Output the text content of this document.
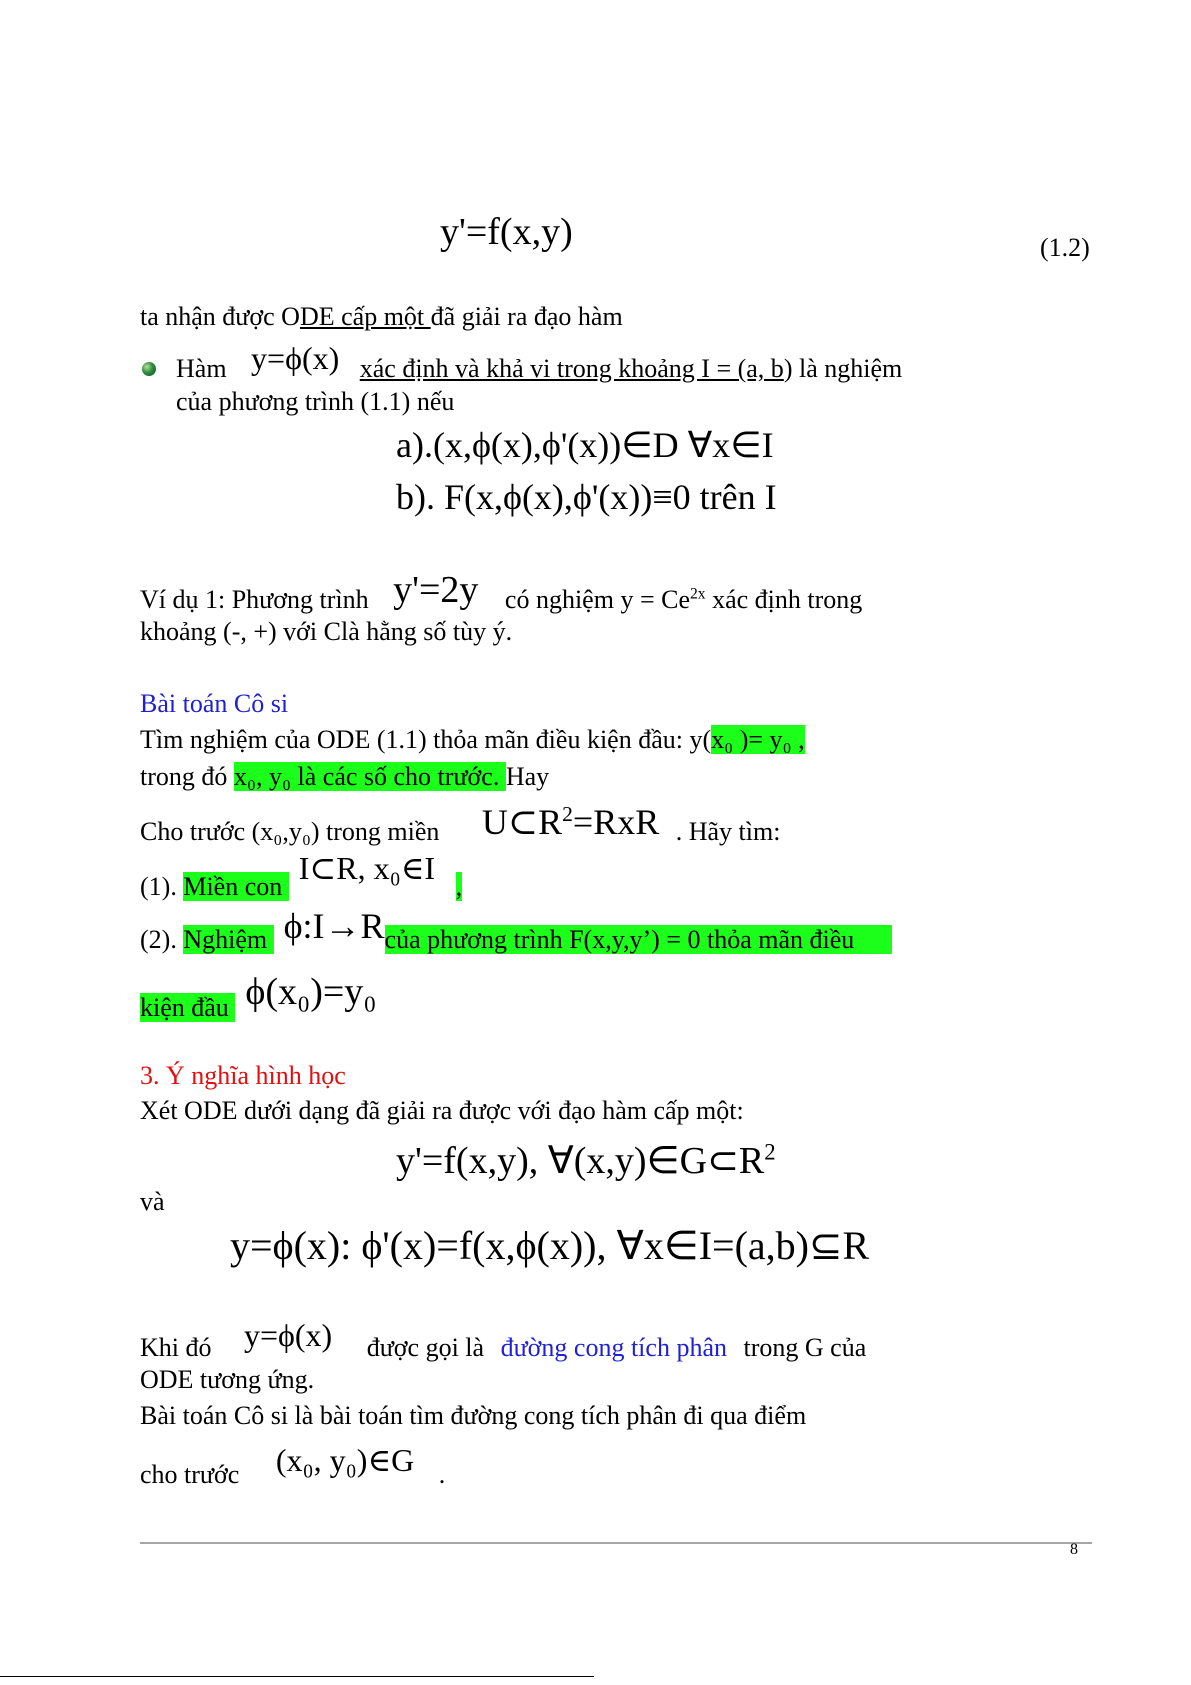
y'=f(x,y)	(1.2)
ta nhận được ODE cấp một đã giải ra đạo hàm
Hàm y=ϕ(x) xác định và khả vi trong khoảng I = (a, b) là nghiệm
của phương trình (1.1) nếu
a).(x,ϕ(x),ϕ'(x))∈D ∀x∈I
b). F(x,ϕ(x),ϕ'(x))≡0 trên I
Ví dụ 1: Phương trình y'=2y có nghiệm $y = Ce^{2x}$ xác định trong
khoảng (-, +) với Clà hằng số tùy ý.
Bài toán Cô si
Tìm nghiệm của ODE (1.1) thỏa mãn điều kiện đầu: y(x₀ )= y₀ ,
trong đó x₀, y₀ là các số cho trước. Hay
Cho trước (x₀,y₀) trong miền $U\subset R^2=RxR$ . Hãy tìm:
(1). Miền con I⊂R, x₀∈I ,
(2). Nghiệm ϕ:I→Rcủa phương trình F(x,y,y’) = 0 thỏa mãn điều
kiện đầu ϕ(x₀)=y₀
3. Ý nghĩa hình học
Xét ODE dưới dạng đã giải ra được với đạo hàm cấp một:
y'=f(x,y), $\forall(x,y)\in G\subset R^2$
và
y=ϕ(x): ϕ'(x)=f(x,ϕ(x)), ∀x∈I=(a,b)⊆R
Khi đó y=ϕ(x) được gọi là đường cong tích phân trong G của
ODE tương ứng.
Bài toán Cô si là bài toán tìm đường cong tích phân đi qua điểm
cho trước (x₀, y₀)∈G .
8
